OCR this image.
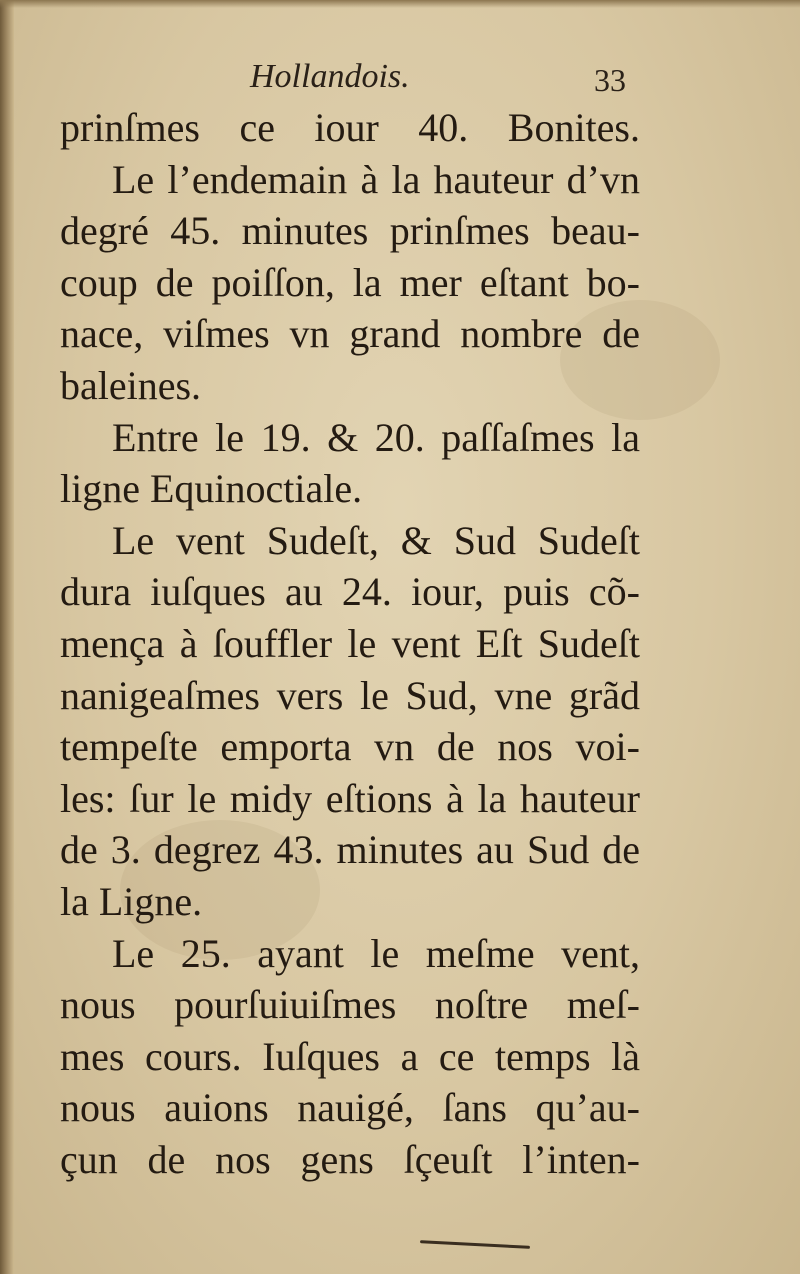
Hollandois.	33
prinſmes ce iour 40. Bonites.
Le l’endemain à la hauteur d’vn
degré 45. minutes prinſmes beau-
coup de poiſſon, la mer eſtant bo-
nace, viſmes vn grand nombre de
baleines.
Entre le 19. & 20. paſſaſmes la
ligne Equinoctiale.
Le vent Sudeſt, & Sud Sudeſt
dura iuſques au 24. iour, puis cõ-
mença à ſouffler le vent Eſt Sudeſt
nanigeaſmes vers le Sud, vne grãd
tempeſte emporta vn de nos voi-
les: ſur le midy eſtions à la hauteur
de 3. degrez 43. minutes au Sud de
la Ligne.
Le 25. ayant le meſme vent,
nous pourſuiuiſmes noſtre meſ-
mes cours. Iuſques a ce temps là
nous auions nauigé, ſans qu’au-
çun de nos gens ſçeuſt l’inten-
